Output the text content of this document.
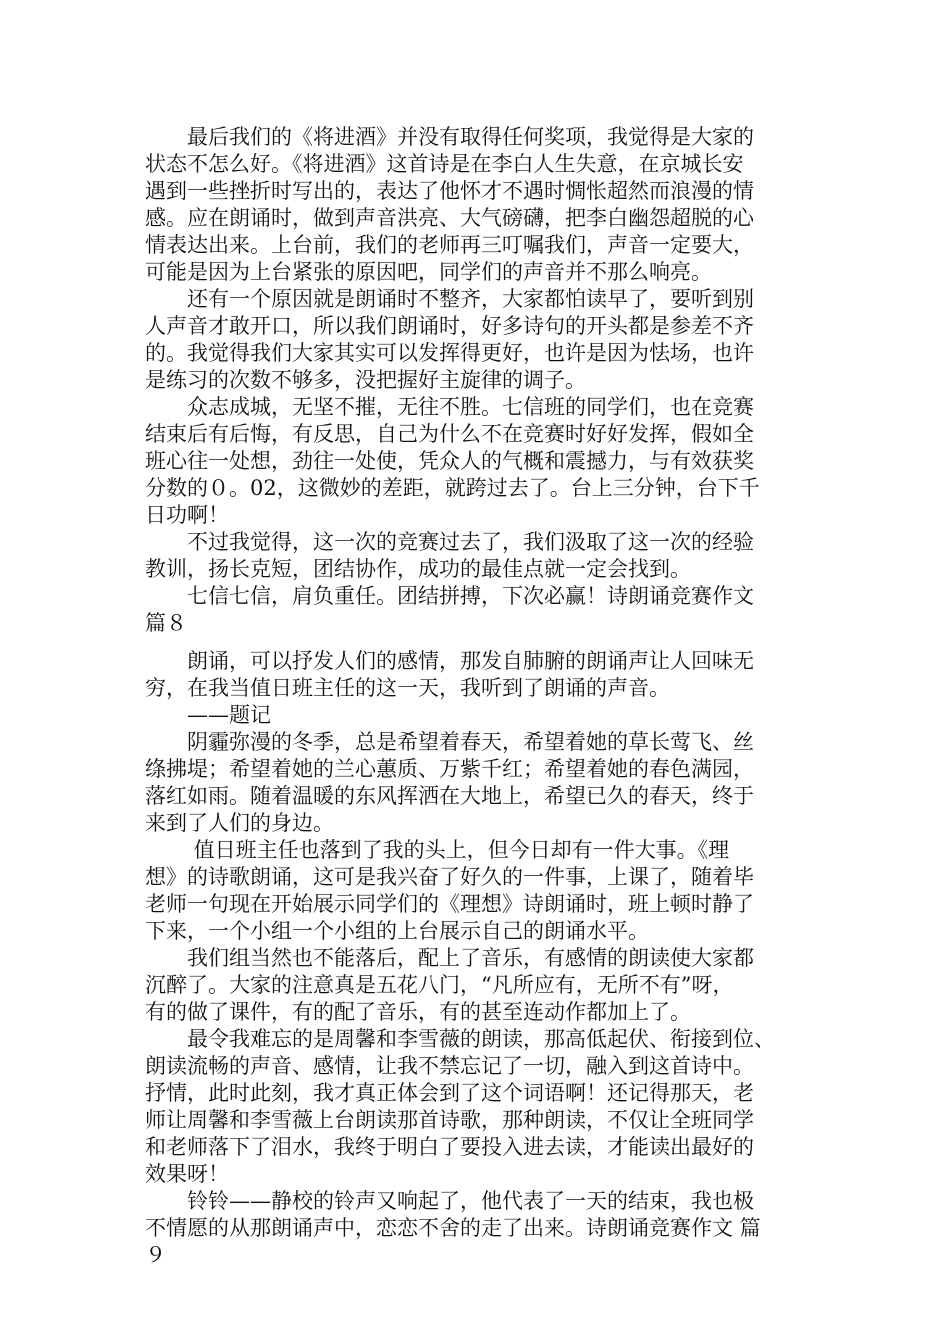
　　最后我们的《将进酒》并没有取得任何奖项，我觉得是大家的
状态不怎么好。《将进酒》这首诗是在李白人生失意，在京城长安
遇到一些挫折时写出的，表达了他怀才不遇时惆怅超然而浪漫的情
感。应在朗诵时，做到声音洪亮、大气磅礴，把李白幽怨超脱的心
情表达出来。上台前，我们的老师再三叮嘱我们，声音一定要大，
可能是因为上台紧张的原因吧，同学们的声音并不那么响亮。
　　还有一个原因就是朗诵时不整齐，大家都怕读早了，要听到别
人声音才敢开口，所以我们朗诵时，好多诗句的开头都是参差不齐
的。我觉得我们大家其实可以发挥得更好，也许是因为怯场，也许
是练习的次数不够多，没把握好主旋律的调子。
　　众志成城，无坚不摧，无往不胜。七信班的同学们，也在竞赛
结束后有后悔，有反思，自己为什么不在竞赛时好好发挥，假如全
班心往一处想，劲往一处使，凭众人的气概和震撼力，与有效获奖
分数的０。02，这微妙的差距，就跨过去了。台上三分钟，台下千
日功啊！
　　不过我觉得，这一次的竞赛过去了，我们汲取了这一次的经验
教训，扬长克短，团结协作，成功的最佳点就一定会找到。
　　七信七信，肩负重任。团结拼搏，下次必赢！诗朗诵竞赛作文
篇８
　　朗诵，可以抒发人们的感情，那发自肺腑的朗诵声让人回味无
穷，在我当值日班主任的这一天，我听到了朗诵的声音。
　　——题记
　　阴霾弥漫的冬季，总是希望着春天，希望着她的草长莺飞、丝
绦拂堤；希望着她的兰心蕙质、万紫千红；希望着她的春色满园，
落红如雨。随着温暖的东风挥洒在大地上，希望已久的春天，终于
来到了人们的身边。
　　 值日班主任也落到了我的头上，但今日却有一件大事。《理
想》的诗歌朗诵，这可是我兴奋了好久的一件事，上课了，随着毕
老师一句现在开始展示同学们的《理想》诗朗诵时，班上顿时静了
下来，一个小组一个小组的上台展示自己的朗诵水平。
　　我们组当然也不能落后，配上了音乐，有感情的朗读使大家都
沉醉了。大家的注意真是五花八门，“凡所应有，无所不有”呀，
有的做了课件，有的配了音乐，有的甚至连动作都加上了。
　　最令我难忘的是周馨和李雪薇的朗读，那高低起伏、衔接到位、
朗读流畅的声音、感情，让我不禁忘记了一切，融入到这首诗中。
抒情，此时此刻，我才真正体会到了这个词语啊！还记得那天，老
师让周馨和李雪薇上台朗读那首诗歌，那种朗读，不仅让全班同学
和老师落下了泪水，我终于明白了要投入进去读，才能读出最好的
效果呀！
　　铃铃——静校的铃声又响起了，他代表了一天的结束，我也极
不情愿的从那朗诵声中，恋恋不舍的走了出来。诗朗诵竞赛作文 篇
９
